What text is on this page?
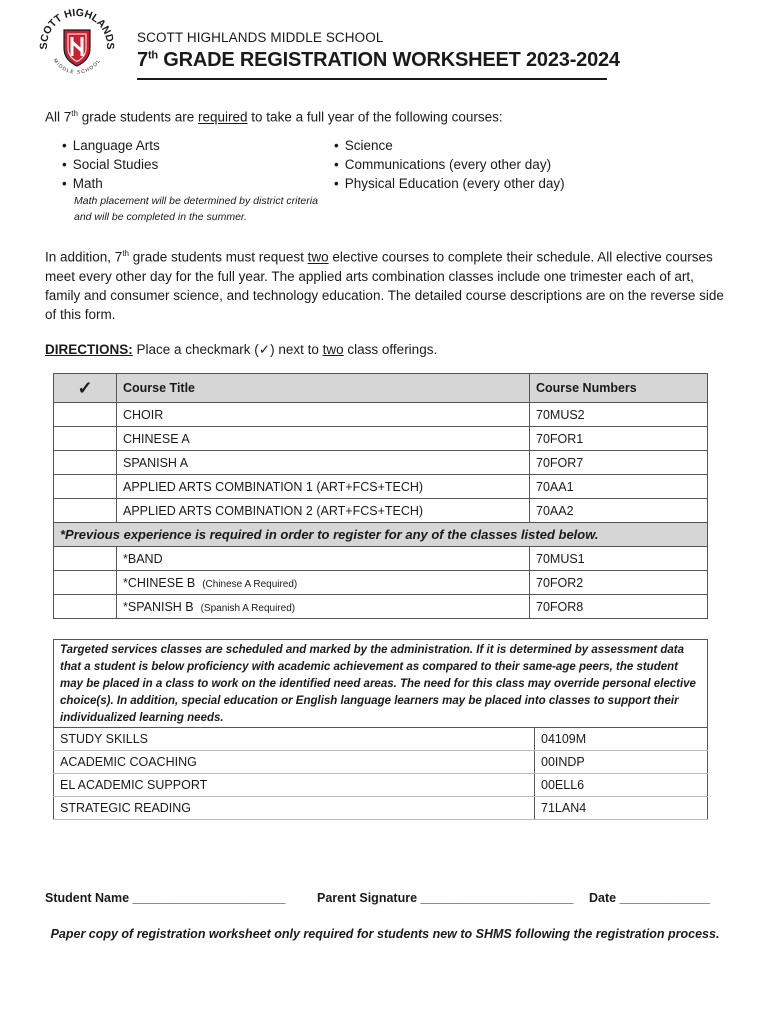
SCOTT HIGHLANDS
MIDDLE SCHOOL
SCOTT HIGHLANDS MIDDLE SCHOOL
7th GRADE REGISTRATION WORKSHEET 2023-2024
All 7th grade students are required to take a full year of the following courses:
• Language Arts
• Social Studies
• Math
• Science
• Communications (every other day)
• Physical Education (every other day)
Math placement will be determined by district criteria and will be completed in the summer.
In addition, 7th grade students must request two elective courses to complete their schedule. All elective courses meet every other day for the full year. The applied arts combination classes include one trimester each of art, family and consumer science, and technology education. The detailed course descriptions are on the reverse side of this form.
DIRECTIONS: Place a checkmark (✓) next to two class offerings.
✓	Course Title	Course Numbers
	CHOIR	70MUS2
	CHINESE A	70FOR1
	SPANISH A	70FOR7
	APPLIED ARTS COMBINATION 1 (ART+FCS+TECH)	70AA1
	APPLIED ARTS COMBINATION 2 (ART+FCS+TECH)	70AA2
*Previous experience is required in order to register for any of the classes listed below.		
	*BAND	70MUS1
	*CHINESE B (Chinese A Required)	70FOR2
	*SPANISH B (Spanish A Required)	70FOR8
Targeted services classes are scheduled and marked by the administration. If it is determined by assessment data that a student is below proficiency with academic achievement as compared to their same-age peers, the student may be placed in a class to work on the identified need areas. The need for this class may override personal elective choice(s). In addition, special education or English language learners may be placed into classes to support their individualized learning needs.	
STUDY SKILLS	04109M
ACADEMIC COACHING	00INDP
EL ACADEMIC SUPPORT	00ELL6
STRATEGIC READING	71LAN4
Student Name ______________________	Parent Signature ______________________ Date _____________
Paper copy of registration worksheet only required for students new to SHMS following the registration process.
